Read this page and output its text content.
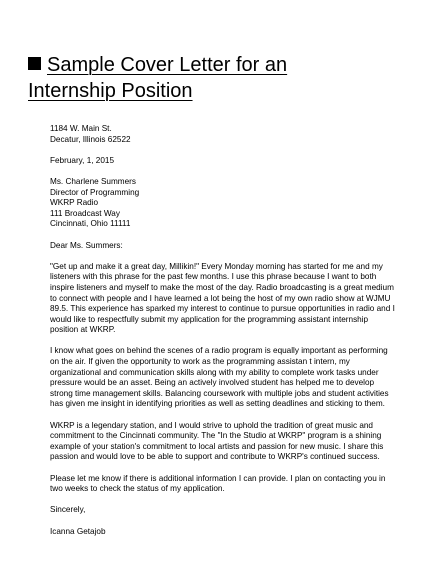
Sample Cover Letter for an
Internship Position
1184 W. Main St.
Decatur, Illinois 62522
February, 1, 2015
Ms. Charlene Summers
Director of Programming
WKRP Radio
111 Broadcast Way
Cincinnati, Ohio 11111
Dear Ms. Summers:
"Get up and make it a great day, Millikin!" Every Monday morning has started for me and my
listeners with this phrase for the past few months. I use this phrase because I want to both
inspire listeners and myself to make the most of the day. Radio broadcasting is a great medium
to connect with people and I have learned a lot being the host of my own radio show at WJMU
89.5. This experience has sparked my interest to continue to pursue opportunities in radio and I
would like to respectfully submit my application for the programming assistant internship
position at WKRP.
I know what goes on behind the scenes of a radio program is equally important as performing
on the air. If given the opportunity to work as the programming assistan t intern, my
organizational and communication skills along with my ability to complete work tasks under
pressure would be an asset. Being an actively involved student has helped me to develop
strong time management skills. Balancing coursework with multiple jobs and student activities
has given me insight in identifying priorities as well as setting deadlines and sticking to them.
WKRP is a legendary station, and I would strive to uphold the tradition of great music and
commitment to the Cincinnati community. The "In the Studio at WKRP" program is a shining
example of your station's commitment to local artists and passion for new music. I share this
passion and would love to be able to support and contribute to WKRP's continued success.
Please let me know if there is additional information I can provide. I plan on contacting you in
two weeks to check the status of my application.
Sincerely,
Icanna Getajob
